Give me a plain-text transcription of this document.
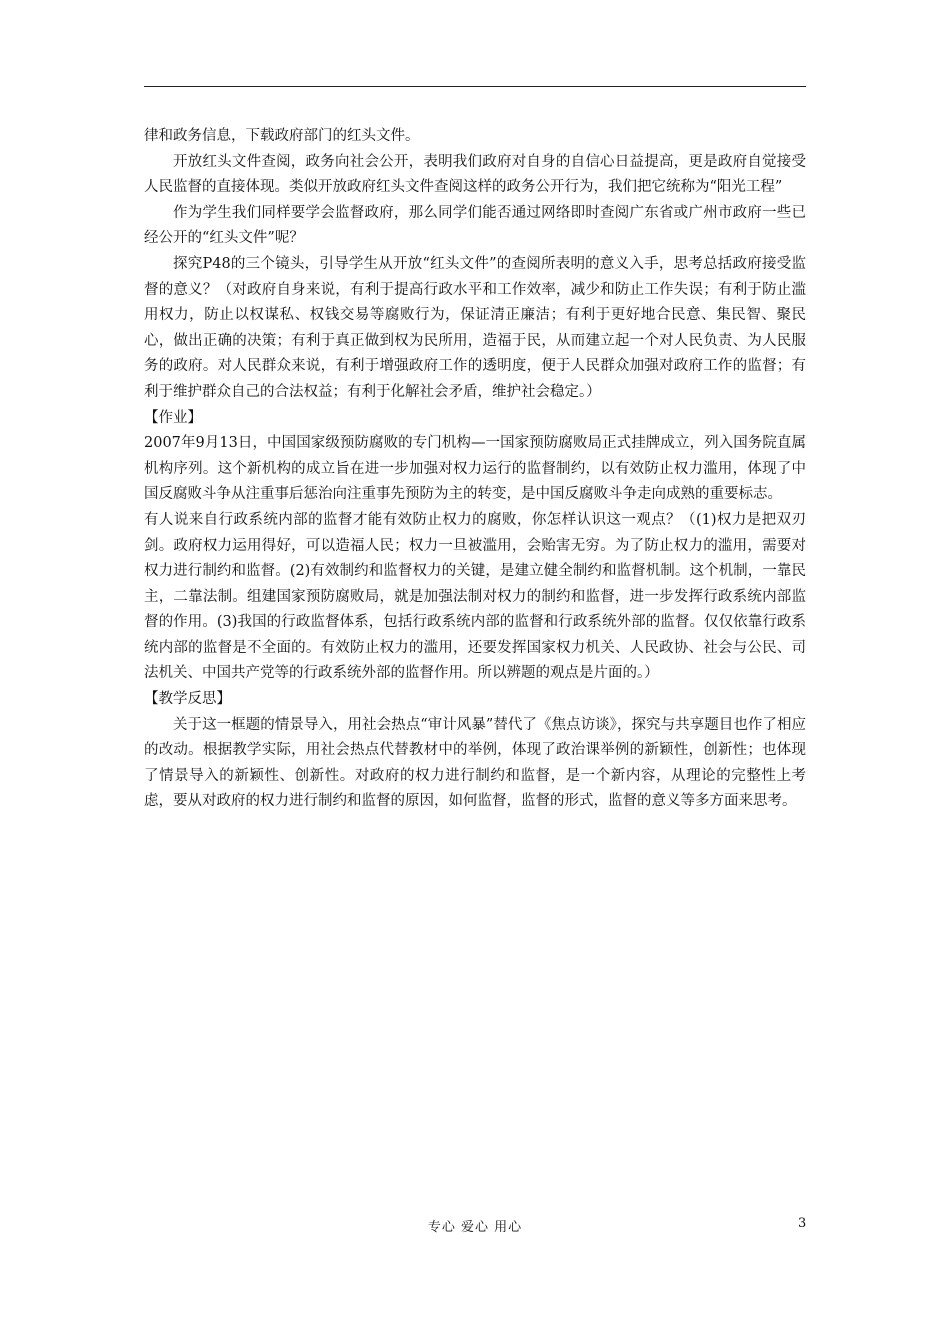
律和政务信息，下载政府部门的红头文件。

开放红头文件查阅，政务向社会公开，表明我们政府对自身的自信心日益提高，更是政府自觉接受人民监督的直接体现。类似开放政府红头文件查阅这样的政务公开行为，我们把它统称为“阳光工程”

作为学生我们同样要学会监督政府，那么同学们能否通过网络即时查阅广东省或广州市政府一些已经公开的“红头文件”呢？

探究P48的三个镜头，引导学生从开放“红头文件”的查阅所表明的意义入手，思考总括政府接受监督的意义？（对政府自身来说，有利于提高行政水平和工作效率，减少和防止工作失误；有利于防止滥用权力，防止以权谋私、权钱交易等腐败行为，保证清正廉洁；有利于更好地合民意、集民智、聚民心，做出正确的决策；有利于真正做到权为民所用，造福于民，从而建立起一个对人民负责、为人民服务的政府。对人民群众来说，有利于增强政府工作的透明度，便于人民群众加强对政府工作的监督；有利于维护群众自己的合法权益；有利于化解社会矛盾，维护社会稳定。）

【作业】

2007年9月13日，中国国家级预防腐败的专门机构—一国家预防腐败局正式挂牌成立，列入国务院直属机构序列。这个新机构的成立旨在进一步加强对权力运行的监督制约，以有效防止权力滥用，体现了中国反腐败斗争从注重事后惩治向注重事先预防为主的转变，是中国反腐败斗争走向成熟的重要标志。

有人说来自行政系统内部的监督才能有效防止权力的腐败，你怎样认识这一观点？（(1)权力是把双刃剑。政府权力运用得好，可以造福人民；权力一旦被滥用，会贻害无穷。为了防止权力的滥用，需要对权力进行制约和监督。(2)有效制约和监督权力的关键，是建立健全制约和监督机制。这个机制，一靠民主，二靠法制。组建国家预防腐败局，就是加强法制对权力的制约和监督，进一步发挥行政系统内部监督的作用。(3)我国的行政监督体系，包括行政系统内部的监督和行政系统外部的监督。仅仅依靠行政系统内部的监督是不全面的。有效防止权力的滥用，还要发挥国家权力机关、人民政协、社会与公民、司法机关、中国共产党等的行政系统外部的监督作用。所以辨题的观点是片面的。）

【教学反思】

关于这一框题的情景导入，用社会热点“审计风暴”替代了《焦点访谈》，探究与共享题目也作了相应的改动。根据教学实际，用社会热点代替教材中的举例，体现了政治课举例的新颖性，创新性；也体现了情景导入的新颖性、创新性。对政府的权力进行制约和监督，是一个新内容，从理论的完整性上考虑，要从对政府的权力进行制约和监督的原因，如何监督，监督的形式，监督的意义等多方面来思考。

专心 爱心 用心	3
